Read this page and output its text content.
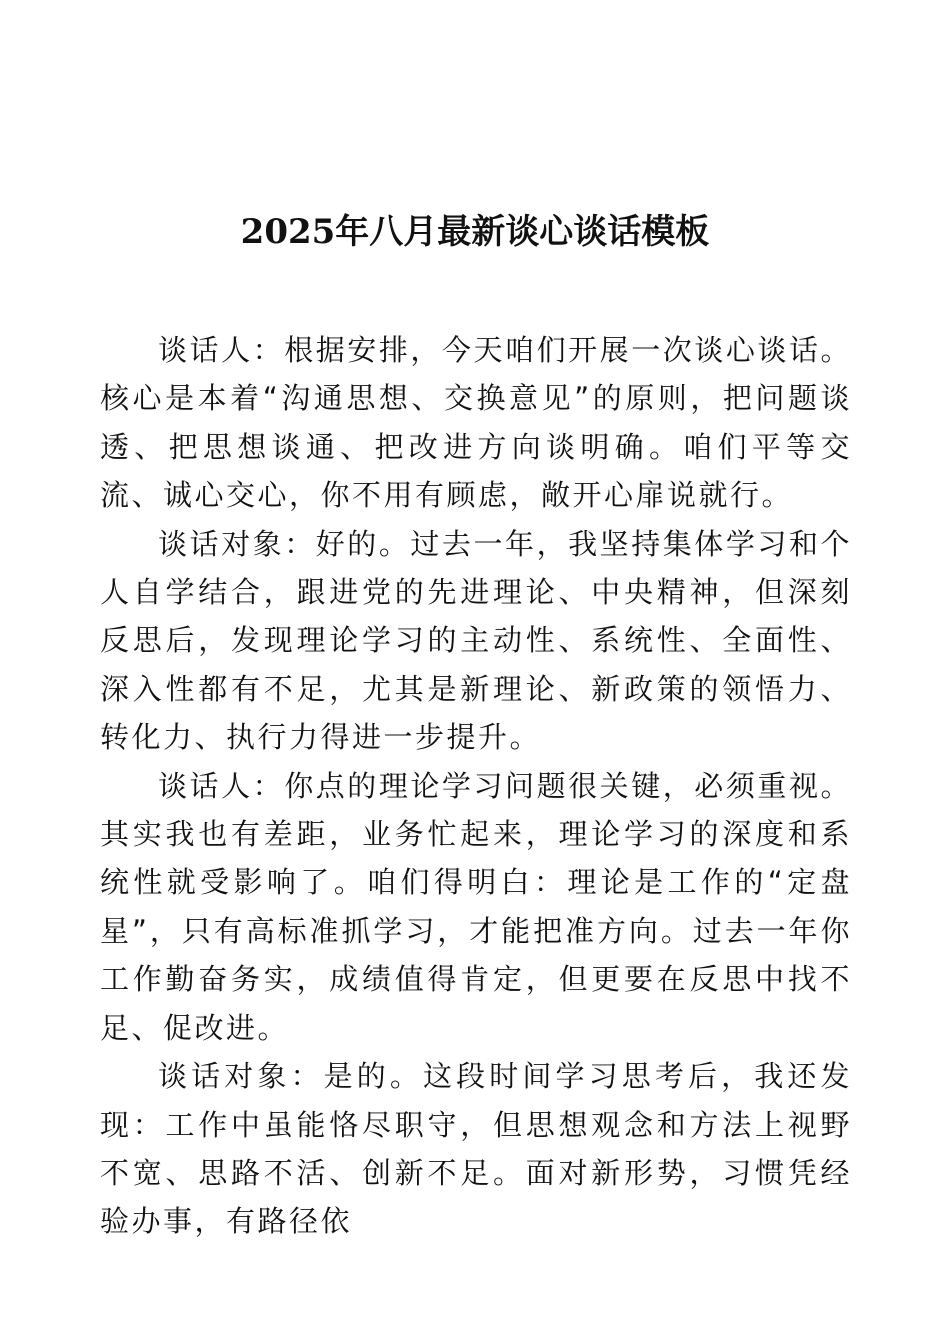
2025年八月最新谈心谈话模板

谈话人：根据安排，今天咱们开展一次谈心谈话。核心是本着“沟通思想、交换意见”的原则，把问题谈透、把思想谈通、把改进方向谈明确。咱们平等交流、诚心交心，你不用有顾虑，敞开心扉说就行。

谈话对象：好的。过去一年，我坚持集体学习和个人自学结合，跟进党的先进理论、中央精神，但深刻反思后，发现理论学习的主动性、系统性、全面性、深入性都有不足，尤其是新理论、新政策的领悟力、转化力、执行力得进一步提升。

谈话人：你点的理论学习问题很关键，必须重视。其实我也有差距，业务忙起来，理论学习的深度和系统性就受影响了。咱们得明白：理论是工作的“定盘星”，只有高标准抓学习，才能把准方向。过去一年你工作勤奋务实，成绩值得肯定，但更要在反思中找不足、促改进。

谈话对象：是的。这段时间学习思考后，我还发现：工作中虽能恪尽职守，但思想观念和方法上视野不宽、思路不活、创新不足。面对新形势，习惯凭经验办事，有路径依
